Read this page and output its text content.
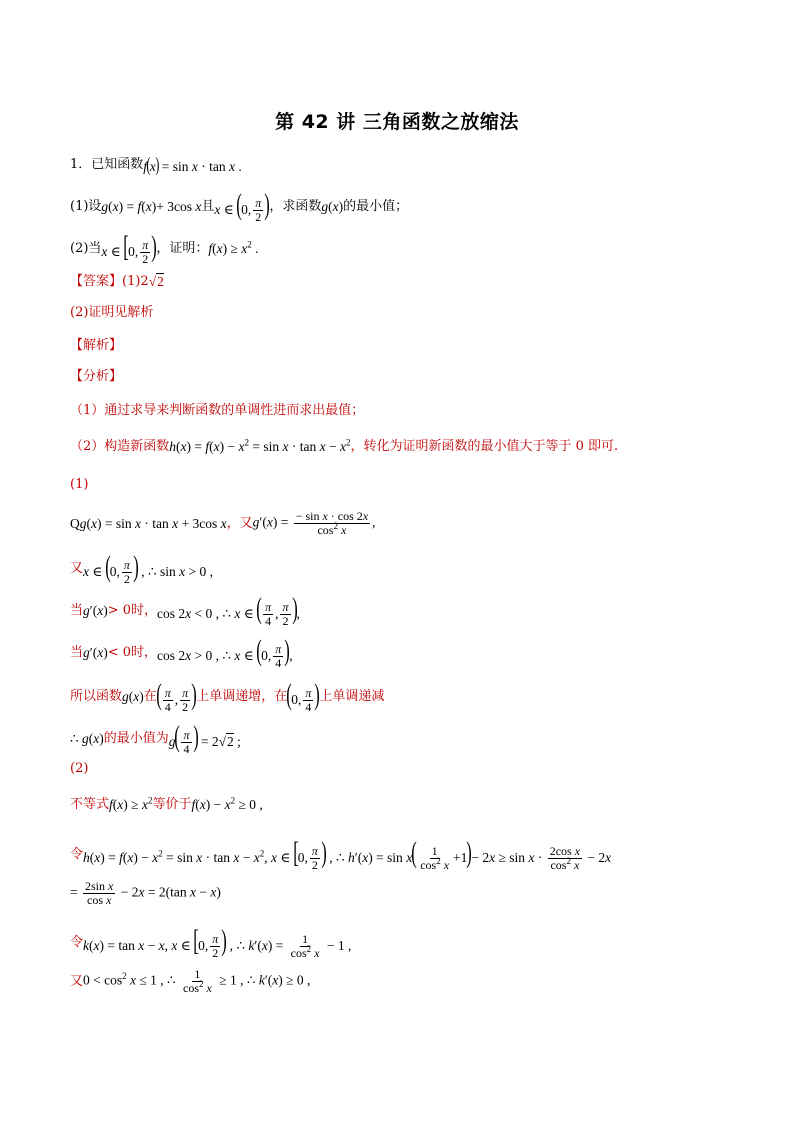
第 42 讲 三角函数之放缩法
1．已知函数 f(x) = sin x · tan x .
(1)设 g(x) = f(x)+ 3cos x 且 x ∈ (0, $\frac{\pi}{2}$ ) ，求函数 g(x) 的最小值；
(2)当 x ∈ [0, $\frac{\pi}{2}$ ) ，证明： $f(x) \ge x^2$ .
【答案】 (1)2 √2
(2)证明见解析
【解析】
【分析】
（1）通过求导来判断函数的单调性进而求出最值；
（2）构造新函数 $h(x) = f(x) - x^2 = \sin x \cdot \tan x - x^2$ ，转化为证明新函数的最小值大于等于 0 即可.
(1)
Q g(x) = sin x · tan x + 3cos x ，又 $g'(x) = \frac{\text{− sin x · cos 2x}}{\cos^2 x}$ ,
又 x ∈ (0, $\frac{\pi}{2}$ ) , ∴ sin x > 0 ,
当 g′(x) > 0时， cos 2x < 0 , ∴ x ∈ ( $\frac{\pi}{4}$ , $\frac{\pi}{2}$ ),
当 g′(x) < 0时， cos 2x > 0 , ∴ x ∈ (0, $\frac{\pi}{4}$ ),
所以函数 g(x) 在 ( $\frac{\pi}{4}$ , $\frac{\pi}{2}$ ) 上单调递增，在 (0, $\frac{\pi}{4}$ ) 上单调递减
∴ g(x) 的最小值为 $g( \frac{\pi}{4}$ ) = 2√2 ;
(2)
不等式 $f(x) \ge x^2$ 等价于 $f(x) - x^2 \ge 0$ ,
令 $h(x) = f(x) - x^2 = \sin x \cdot \tan x - x^2$, x ∈ [0, $\frac{\pi}{2}$ ) , ∴ $h'(x) = \sin x( \frac{1}{\cos^2 x} +1)- 2x \ge \sin x \cdot \frac{\text{2cos x}}{\cos^2 x} - 2x$
= $\frac{\text{2sin x}}{\text{cos x}} - 2x = 2(\tan$ x − x)
令 k(x) = tan x − x, x ∈ [0, $\frac{\pi}{2}$ ) , ∴ $k'(x) = \frac{1}{\cos^2 x} - 1$ ,
又 $0 < \cos^2 x \le 1$ , ∴ $\frac{1}{\cos^2 x} \ge 1$ , ∴ k′(x) ≥ 0 ,
